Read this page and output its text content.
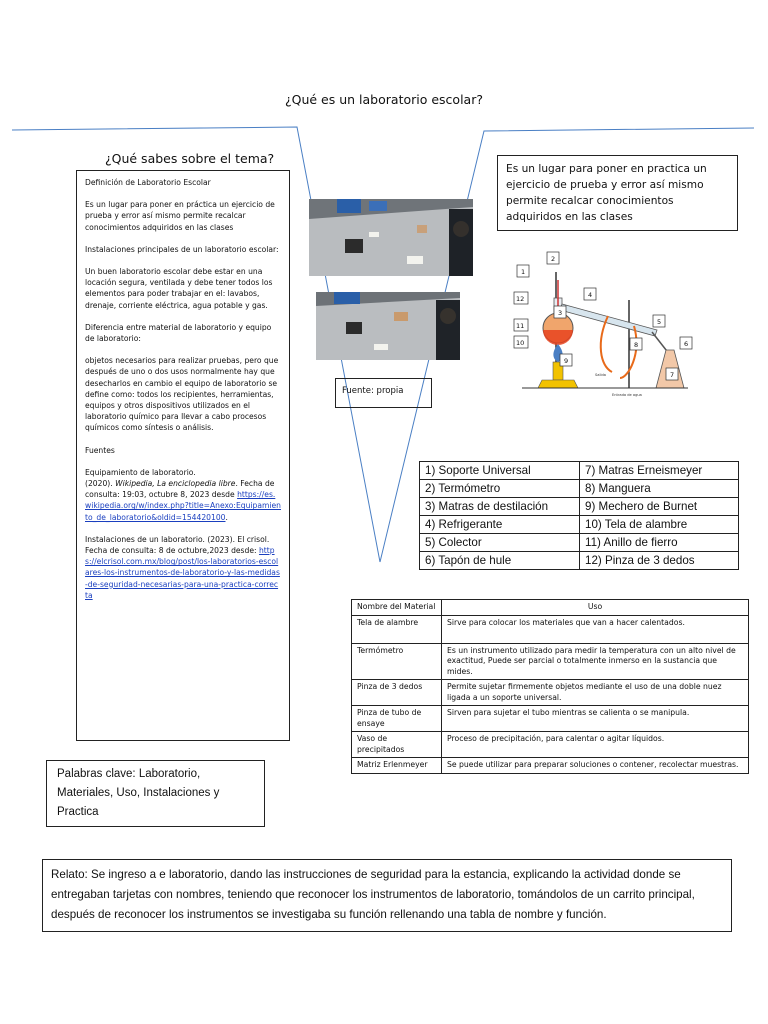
¿Qué es un laboratorio escolar?
¿Qué sabes sobre el tema?

Definición de Laboratorio Escolar

Es un lugar para poner en práctica un ejercicio de prueba y error así mismo permite recalcar conocimientos adquiridos en las clases

Instalaciones principales de un laboratorio escolar:

Un buen laboratorio escolar debe estar en una locación segura, ventilada y debe tener todos los elementos para poder trabajar en el: lavabos, drenaje, corriente eléctrica, agua potable y gas.

Diferencia entre material de laboratorio y equipo de laboratorio:

objetos necesarios para realizar pruebas, pero que después de uno o dos usos normalmente hay que desecharlos en cambio el equipo de laboratorio se define como: todos los recipientes, herramientas, equipos y otros dispositivos utilizados en el laboratorio químico para llevar a cabo procesos químicos como síntesis o análisis.

Fuentes

Equipamiento de laboratorio.
(2020). Wikipedia, La enciclopedia libre. Fecha de consulta: 19:03, octubre 8, 2023 desde https://es.wikipedia.org/w/index.php?title=Anexo:Equipamiento_de_laboratorio&oldid=154420100.

Instalaciones de un laboratorio. (2023). El crisol. Fecha de consulta: 8 de octubre,2023 desde: https://elcrisol.com.mx/blog/post/los-laboratorios-escolares-los-instrumentos-de-laboratorio-y-las-medidas-de-seguridad-necesarias-para-una-practica-correcta

Fuente: propia
Es un lugar para poner en practica un ejercicio de prueba y error así mismo permite recalcar conocimientos adquiridos en las clases
1
2
3
4
5
6
7
8
9
10
11
12
Salida
Entrada de agua
1) Soporte Universal	7) Matras Erneismeyer
2) Termómetro	8) Manguera
3) Matras de destilación	9) Mechero de Burnet
4) Refrigerante	10) Tela de alambre
5) Colector	11) Anillo de fierro
6) Tapón de hule	12) Pinza de 3 dedos
Nombre del Material	Uso
Tela de alambre	Sirve para colocar los materiales que van a hacer calentados.
Termómetro	Es un instrumento utilizado para medir la temperatura con un alto nivel de exactitud, Puede ser parcial o totalmente inmerso en la sustancia que mides.
Pinza de 3 dedos	Permite sujetar firmemente objetos mediante el uso de una doble nuez ligada a un soporte universal.
Pinza de tubo de ensaye	Sirven para sujetar el tubo mientras se calienta o se manipula.
Vaso de precipitados	Proceso de precipitación, para calentar o agitar líquidos.
Matriz Erlenmeyer	Se puede utilizar para preparar soluciones o contener, recolectar muestras.
Palabras clave: Laboratorio, Materiales, Uso, Instalaciones y Practica
Relato: Se ingreso a e laboratorio, dando las instrucciones de seguridad para la estancia, explicando la actividad donde se entregaban tarjetas con nombres, teniendo que reconocer los instrumentos de laboratorio, tomándolos de un carrito principal, después de reconocer los instrumentos se investigaba su función rellenando una tabla de nombre y función.
